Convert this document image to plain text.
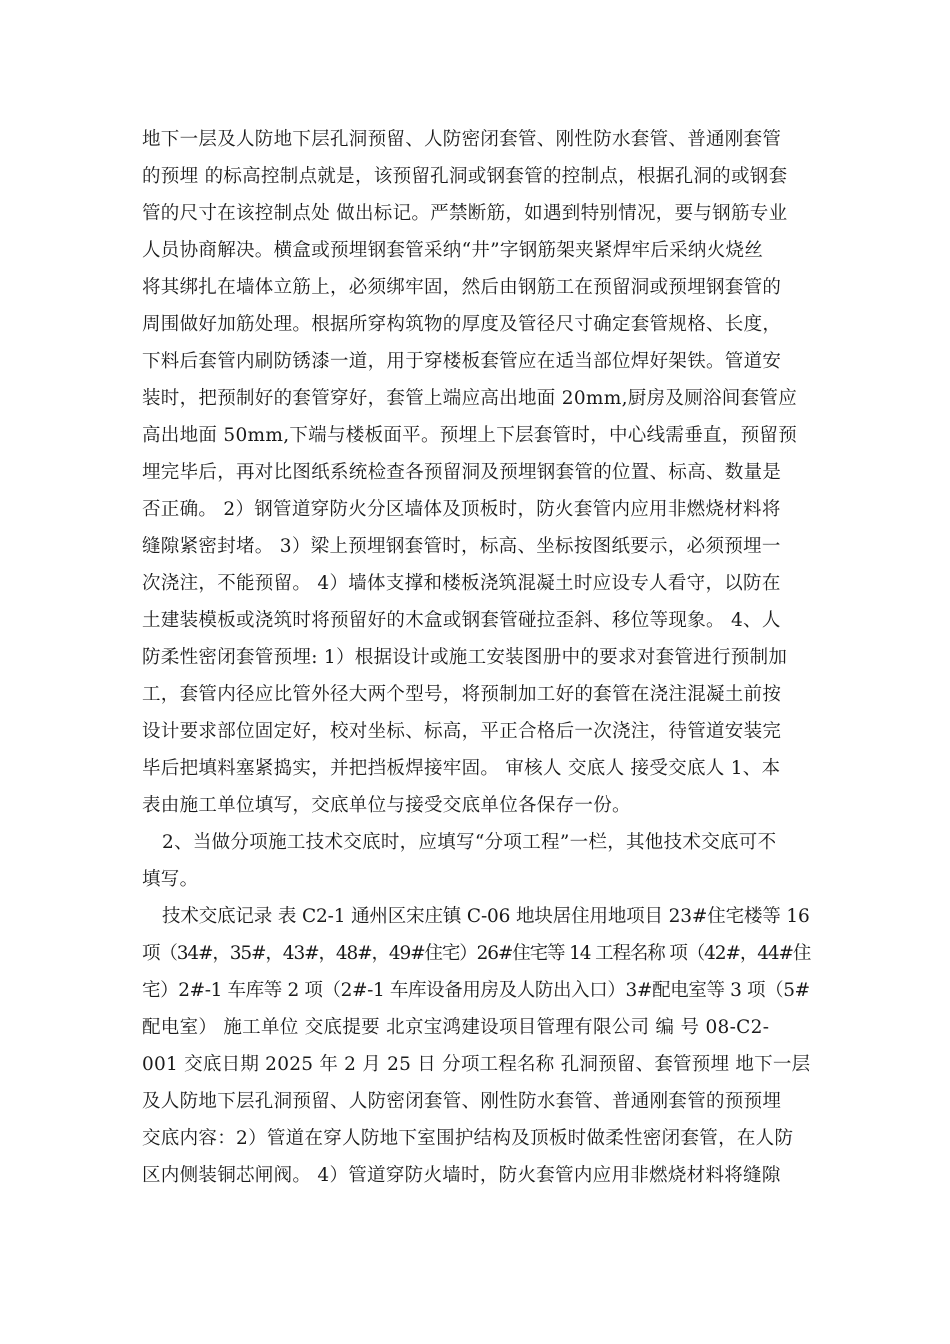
地下一层及人防地下层孔洞预留、人防密闭套管、刚性防水套管、普通刚套管
的预埋 的标高控制点就是，该预留孔洞或钢套管的控制点，根据孔洞的或钢套
管的尺寸在该控制点处 做出标记。严禁断筋，如遇到特别情况，要与钢筋专业
人员协商解决。横盒或预埋钢套管采纳“井”字钢筋架夹紧焊牢后采纳火烧丝
将其绑扎在墙体立筋上，必须绑牢固，然后由钢筋工在预留洞或预埋钢套管的
周围做好加筋处理。根据所穿构筑物的厚度及管径尺寸确定套管规格、长度，
下料后套管内刷防锈漆一道，用于穿楼板套管应在适当部位焊好架铁。管道安
装时，把预制好的套管穿好，套管上端应高出地面 20mm,厨房及厕浴间套管应
高出地面 50mm,下端与楼板面平。预埋上下层套管时，中心线需垂直，预留预
埋完毕后，再对比图纸系统检查各预留洞及预埋钢套管的位置、标高、数量是
否正确。 2）钢管道穿防火分区墙体及顶板时，防火套管内应用非燃烧材料将
缝隙紧密封堵。 3）梁上预埋钢套管时，标高、坐标按图纸要示，必须预埋一
次浇注，不能预留。 4）墙体支撑和楼板浇筑混凝土时应设专人看守，以防在
土建装模板或浇筑时将预留好的木盒或钢套管碰拉歪斜、移位等现象。 4、人
防柔性密闭套管预埋: 1）根据设计或施工安装图册中的要求对套管进行预制加
工，套管内径应比管外径大两个型号，将预制加工好的套管在浇注混凝土前按
设计要求部位固定好，校对坐标、标高，平正合格后一次浇注，待管道安装完
毕后把填料塞紧捣实，并把挡板焊接牢固。 审核人 交底人 接受交底人 1、本
表由施工单位填写，交底单位与接受交底单位各保存一份。
2、当做分项施工技术交底时，应填写“分项工程”一栏，其他技术交底可不
填写。
技术交底记录 表 C2-1 通州区宋庄镇 C-06 地块居住用地项目 23#住宅楼等 16
项（34#，35#，43#，48#，49#住宅）26#住宅等 14 工程名称 项（42#，44#住
宅）2#-1 车库等 2 项（2#-1 车库设备用房及人防出入口）3#配电室等 3 项（5#
配电室） 施工单位 交底提要 北京宝鸿建设项目管理有限公司 编 号 08-C2-
001 交底日期 2025 年 2 月 25 日 分项工程名称 孔洞预留、套管预埋 地下一层
及人防地下层孔洞预留、人防密闭套管、刚性防水套管、普通刚套管的预预埋
交底内容：2）管道在穿人防地下室围护结构及顶板时做柔性密闭套管，在人防
区内侧装铜芯闸阀。 4）管道穿防火墙时，防火套管内应用非燃烧材料将缝隙
